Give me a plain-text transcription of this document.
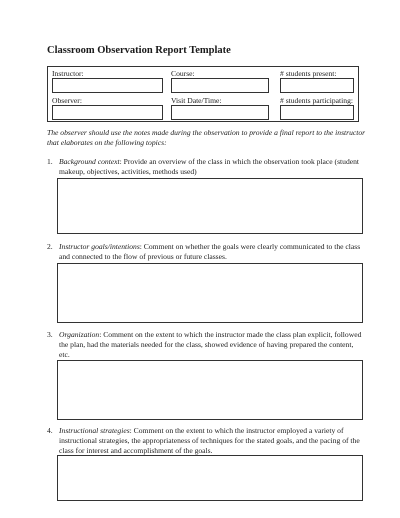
Classroom Observation Report Template
Instructor:	Course:	# students present:
Observer:	Visit Date/Time:	# students participating:
The observer should use the notes made during the observation to provide a final report to the instructor that elaborates on the following topics:
1. Background context: Provide an overview of the class in which the observation took place (student makeup, objectives, activities, methods used)
2. Instructor goals/intentions: Comment on whether the goals were clearly communicated to the class and connected to the flow of previous or future classes.
3. Organization: Comment on the extent to which the instructor made the class plan explicit, followed the plan, had the materials needed for the class, showed evidence of having prepared the content, etc.
4. Instructional strategies: Comment on the extent to which the instructor employed a variety of instructional strategies, the appropriateness of techniques for the stated goals, and the pacing of the class for interest and accomplishment of the goals.
